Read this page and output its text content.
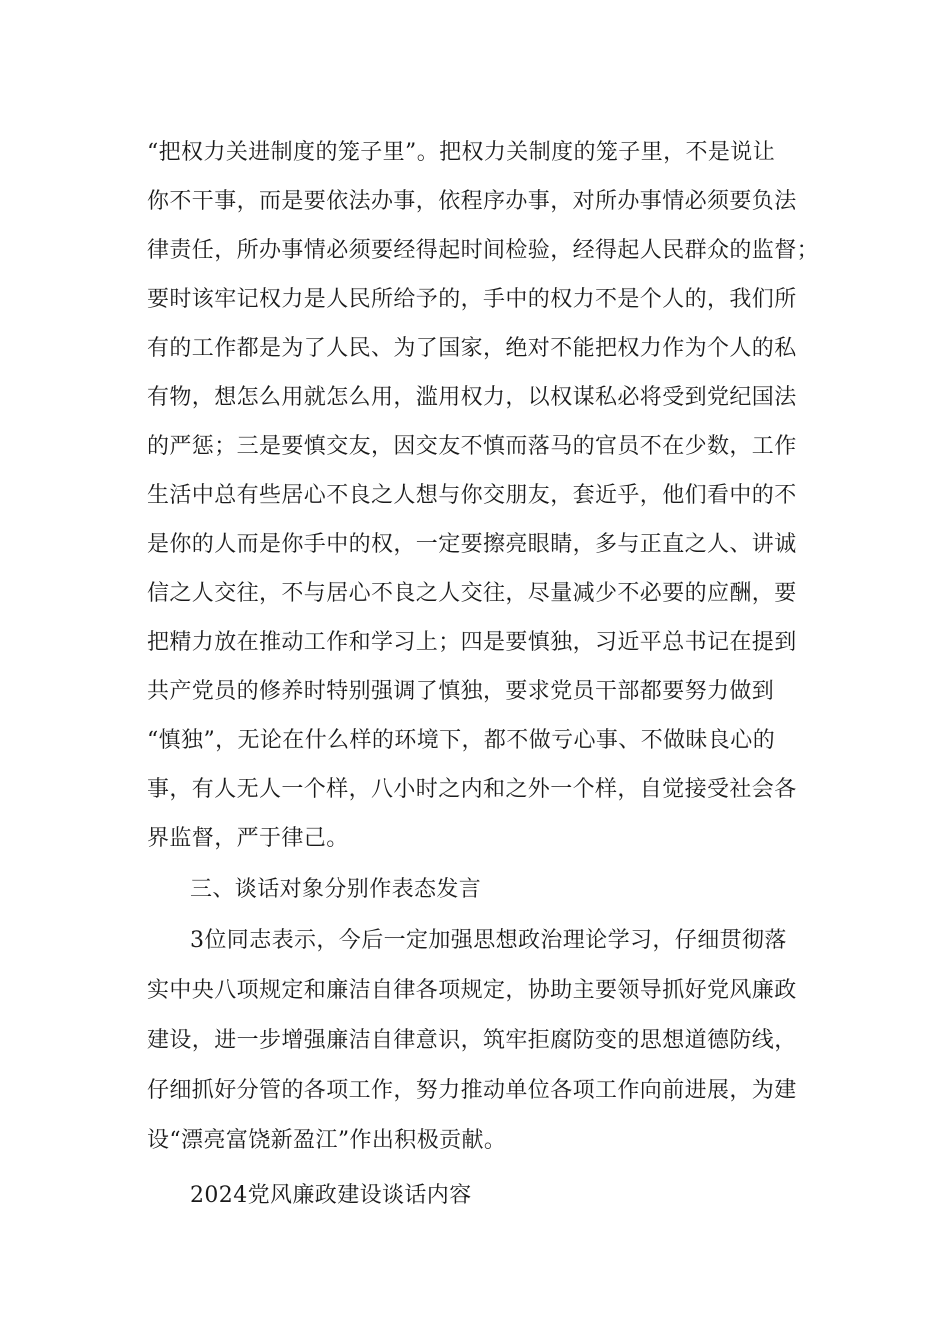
“把权力关进制度的笼子里”。把权力关制度的笼子里，不是说让
你不干事，而是要依法办事，依程序办事，对所办事情必须要负法
律责任，所办事情必须要经得起时间检验，经得起人民群众的监督；
要时该牢记权力是人民所给予的，手中的权力不是个人的，我们所
有的工作都是为了人民、为了国家，绝对不能把权力作为个人的私
有物，想怎么用就怎么用，滥用权力，以权谋私必将受到党纪国法
的严惩；三是要慎交友，因交友不慎而落马的官员不在少数，工作
生活中总有些居心不良之人想与你交朋友，套近乎，他们看中的不
是你的人而是你手中的权，一定要擦亮眼睛，多与正直之人、讲诚
信之人交往，不与居心不良之人交往，尽量减少不必要的应酬，要
把精力放在推动工作和学习上；四是要慎独，习近平总书记在提到
共产党员的修养时特别强调了慎独，要求党员干部都要努力做到
“慎独”，无论在什么样的环境下，都不做亏心事、不做昧良心的
事，有人无人一个样，八小时之内和之外一个样，自觉接受社会各
界监督，严于律己。
三、谈话对象分别作表态发言
3位同志表示，今后一定加强思想政治理论学习，仔细贯彻落
实中央八项规定和廉洁自律各项规定，协助主要领导抓好党风廉政
建设，进一步增强廉洁自律意识，筑牢拒腐防变的思想道德防线，
仔细抓好分管的各项工作，努力推动单位各项工作向前进展，为建
设“漂亮富饶新盈江”作出积极贡献。
2024党风廉政建设谈话内容
